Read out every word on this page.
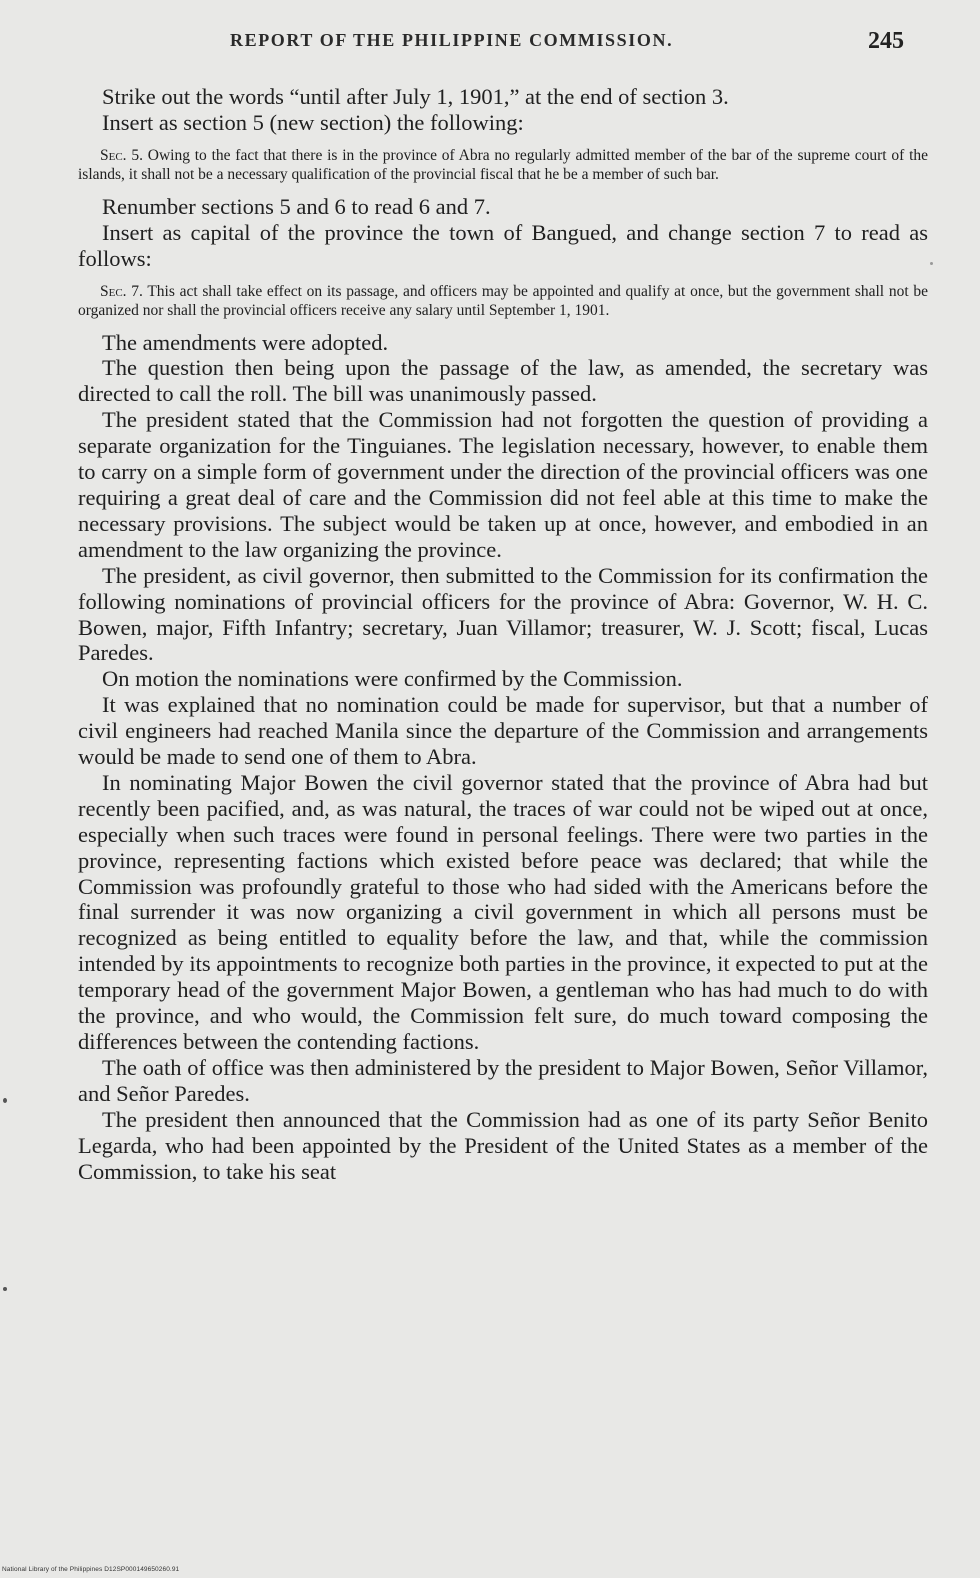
REPORT OF THE PHILIPPINE COMMISSION.	245

Strike out the words “until after July 1, 1901,” at the end of section 3.

Insert as section 5 (new section) the following:

Sec. 5. Owing to the fact that there is in the province of Abra no regularly admitted member of the bar of the supreme court of the islands, it shall not be a necessary qualification of the provincial fiscal that he be a member of such bar.

Renumber sections 5 and 6 to read 6 and 7.

Insert as capital of the province the town of Bangued, and change section 7 to read as follows:

Sec. 7. This act shall take effect on its passage, and officers may be appointed and qualify at once, but the government shall not be organized nor shall the provincial officers receive any salary until September 1, 1901.

The amendments were adopted.

The question then being upon the passage of the law, as amended, the secretary was directed to call the roll. The bill was unanimously passed.

The president stated that the Commission had not forgotten the question of providing a separate organization for the Tinguianes. The legislation necessary, however, to enable them to carry on a simple form of government under the direction of the provincial officers was one requiring a great deal of care and the Commission did not feel able at this time to make the necessary provisions. The subject would be taken up at once, however, and embodied in an amendment to the law organizing the province.

The president, as civil governor, then submitted to the Commission for its confirmation the following nominations of provincial officers for the province of Abra: Governor, W. H. C. Bowen, major, Fifth Infantry; secretary, Juan Villamor; treasurer, W. J. Scott; fiscal, Lucas Paredes.

On motion the nominations were confirmed by the Commission.

It was explained that no nomination could be made for supervisor, but that a number of civil engineers had reached Manila since the departure of the Commission and arrangements would be made to send one of them to Abra.

In nominating Major Bowen the civil governor stated that the province of Abra had but recently been pacified, and, as was natural, the traces of war could not be wiped out at once, especially when such traces were found in personal feelings. There were two parties in the province, representing factions which existed before peace was declared; that while the Commission was profoundly grateful to those who had sided with the Americans before the final surrender it was now organizing a civil government in which all persons must be recognized as being entitled to equality before the law, and that, while the commission intended by its appointments to recognize both parties in the province, it expected to put at the temporary head of the government Major Bowen, a gentleman who has had much to do with the province, and who would, the Commission felt sure, do much toward composing the differences between the contending factions.

The oath of office was then administered by the president to Major Bowen, Señor Villamor, and Señor Paredes.

The president then announced that the Commission had as one of its party Señor Benito Legarda, who had been appointed by the President of the United States as a member of the Commission, to take his seat

National Library of the Philippines D12SP000149650260.91
